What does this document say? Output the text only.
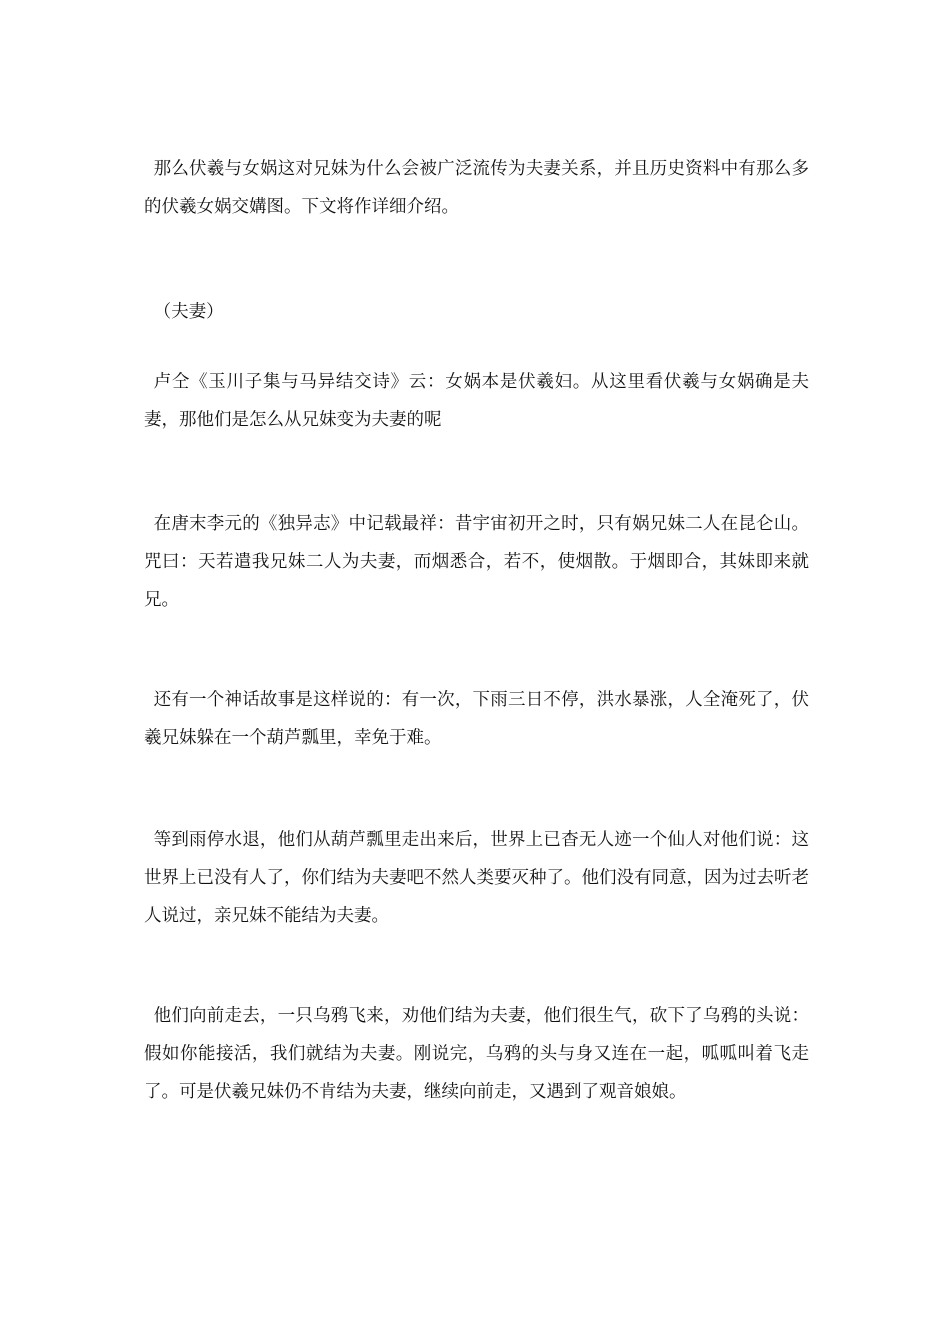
那么伏羲与女娲这对兄妹为什么会被广泛流传为夫妻关系，并且历史资料中有那么多的伏羲女娲交媾图。下文将作详细介绍。

（夫妻）

卢仝《玉川子集与马异结交诗》云：女娲本是伏羲妇。从这里看伏羲与女娲确是夫妻，那他们是怎么从兄妹变为夫妻的呢

在唐末李元的《独异志》中记载最祥：昔宇宙初开之时，只有娲兄妹二人在昆仑山。咒曰：天若遣我兄妹二人为夫妻，而烟悉合，若不，使烟散。于烟即合，其妹即来就兄。

还有一个神话故事是这样说的：有一次，下雨三日不停，洪水暴涨，人全淹死了，伏羲兄妹躲在一个葫芦瓢里，幸免于难。

等到雨停水退，他们从葫芦瓢里走出来后，世界上已杳无人迹一个仙人对他们说：这世界上已没有人了，你们结为夫妻吧不然人类要灭种了。他们没有同意，因为过去听老人说过，亲兄妹不能结为夫妻。

他们向前走去，一只乌鸦飞来，劝他们结为夫妻，他们很生气，砍下了乌鸦的头说：假如你能接活，我们就结为夫妻。刚说完，乌鸦的头与身又连在一起，呱呱叫着飞走了。可是伏羲兄妹仍不肯结为夫妻，继续向前走，又遇到了观音娘娘。
